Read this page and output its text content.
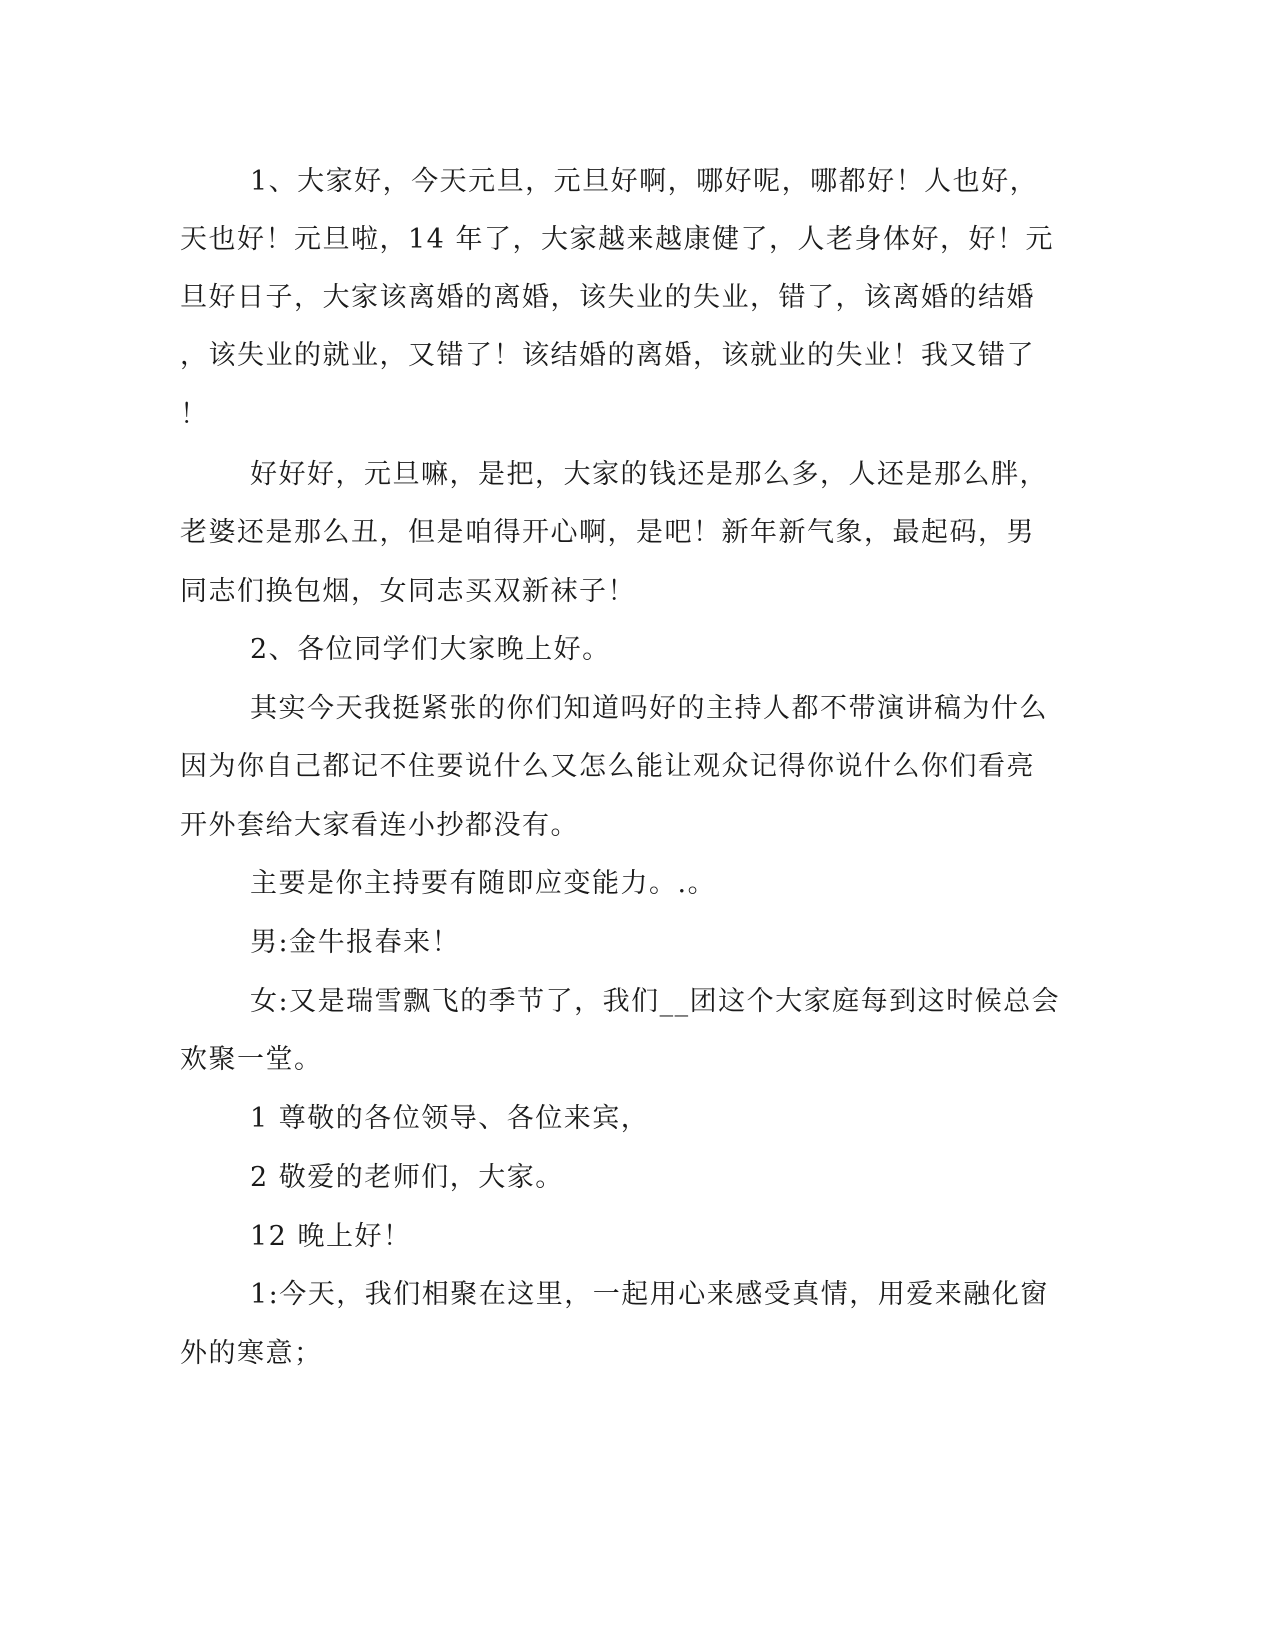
1、大家好，今天元旦，元旦好啊，哪好呢，哪都好！人也好，
天也好！元旦啦，14 年了，大家越来越康健了，人老身体好，好！元
旦好日子，大家该离婚的离婚，该失业的失业，错了，该离婚的结婚
，该失业的就业，又错了！该结婚的离婚，该就业的失业！我又错了
！
好好好，元旦嘛，是把，大家的钱还是那么多，人还是那么胖，
老婆还是那么丑，但是咱得开心啊，是吧！新年新气象，最起码，男
同志们换包烟，女同志买双新袜子！
2、各位同学们大家晚上好。
其实今天我挺紧张的你们知道吗好的主持人都不带演讲稿为什么
因为你自己都记不住要说什么又怎么能让观众记得你说什么你们看亮
开外套给大家看连小抄都没有。
主要是你主持要有随即应变能力。.。
男:金牛报春来！
女:又是瑞雪飘飞的季节了，我们__团这个大家庭每到这时候总会
欢聚一堂。
1 尊敬的各位领导、各位来宾，
2 敬爱的老师们，大家。
12 晚上好！
1:今天，我们相聚在这里，一起用心来感受真情，用爱来融化窗
外的寒意；
